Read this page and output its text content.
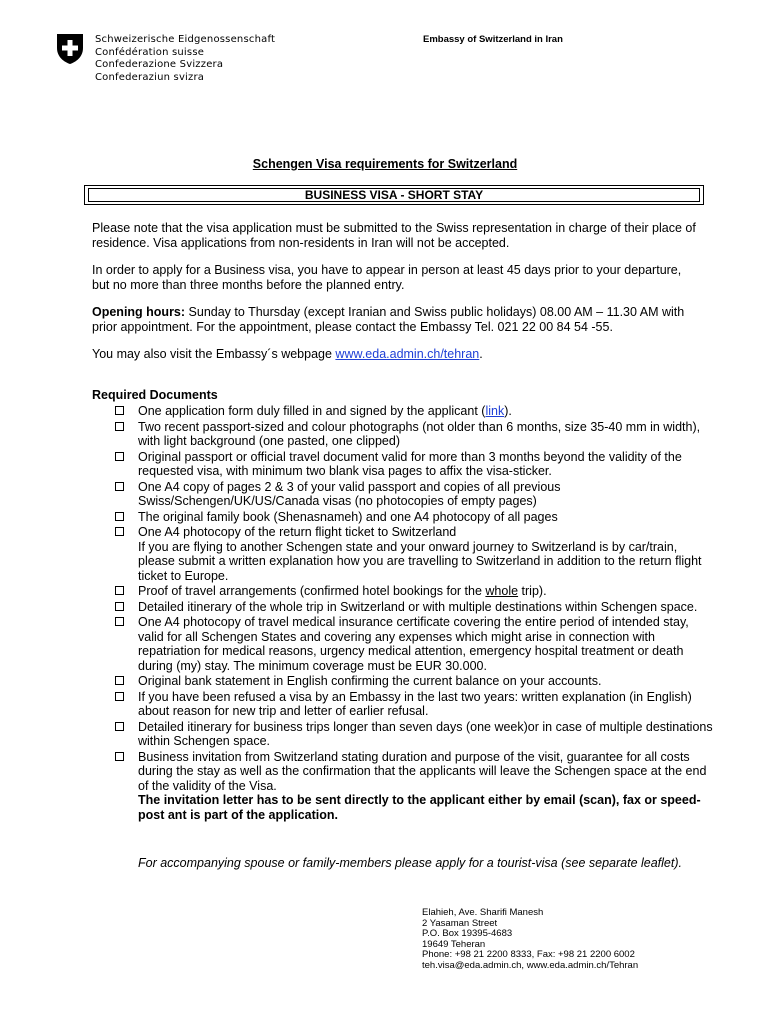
Schweizerische Eidgenossenschaft
Confédération suisse
Confederazione Svizzera
Confederaziun svizra
Embassy of Switzerland in Iran
Schengen Visa requirements for Switzerland
BUSINESS VISA - SHORT STAY
Please note that the visa application must be submitted to the Swiss representation in charge of their place of residence. Visa applications from non-residents in Iran will not be accepted.
In order to apply for a Business visa, you have to appear in person at least 45 days prior to your departure, but no more than three months before the planned entry.
Opening hours: Sunday to Thursday (except Iranian and Swiss public holidays) 08.00 AM – 11.30 AM with prior appointment. For the appointment, please contact the Embassy Tel. 021 22 00 84 54 -55.
You may also visit the Embassy´s webpage www.eda.admin.ch/tehran.
Required Documents
One application form duly filled in and signed by the applicant (link).
Two recent passport-sized and colour photographs (not older than 6 months, size 35-40 mm in width), with light background (one pasted, one clipped)
Original passport or official travel document valid for more than 3 months beyond the validity of the requested visa, with minimum two blank visa pages to affix the visa-sticker.
One A4 copy of pages 2 & 3 of your valid passport and copies of all previous Swiss/Schengen/UK/US/Canada visas (no photocopies of empty pages)
The original family book (Shenasnameh) and one A4 photocopy of all pages
One A4 photocopy of the return flight ticket to Switzerland
If you are flying to another Schengen state and your onward journey to Switzerland is by car/train, please submit a written explanation how you are travelling to Switzerland in addition to the return flight ticket to Europe.
Proof of travel arrangements (confirmed hotel bookings for the whole trip).
Detailed itinerary of the whole trip in Switzerland or with multiple destinations within Schengen space.
One A4 photocopy of travel medical insurance certificate covering the entire period of intended stay, valid for all Schengen States and covering any expenses which might arise in connection with repatriation for medical reasons, urgency medical attention, emergency hospital treatment or death during (my) stay. The minimum coverage must be EUR 30.000.
Original bank statement in English confirming the current balance on your accounts.
If you have been refused a visa by an Embassy in the last two years: written explanation (in English) about reason for new trip and letter of earlier refusal.
Detailed itinerary for business trips longer than seven days (one week)or in case of multiple destinations within Schengen space.
Business invitation from Switzerland stating duration and purpose of the visit, guarantee for all costs during the stay as well as the confirmation that the applicants will leave the Schengen space at the end of the validity of the Visa.
The invitation letter has to be sent directly to the applicant either by email (scan), fax or speed-post ant is part of the application.
For accompanying spouse or family-members please apply for a tourist-visa (see separate leaflet).
Elahieh, Ave. Sharifi Manesh
2 Yasaman Street
P.O. Box 19395-4683
19649 Teheran
Phone: +98 21 2200 8333, Fax: +98 21 2200 6002
teh.visa@eda.admin.ch, www.eda.admin.ch/Tehran
